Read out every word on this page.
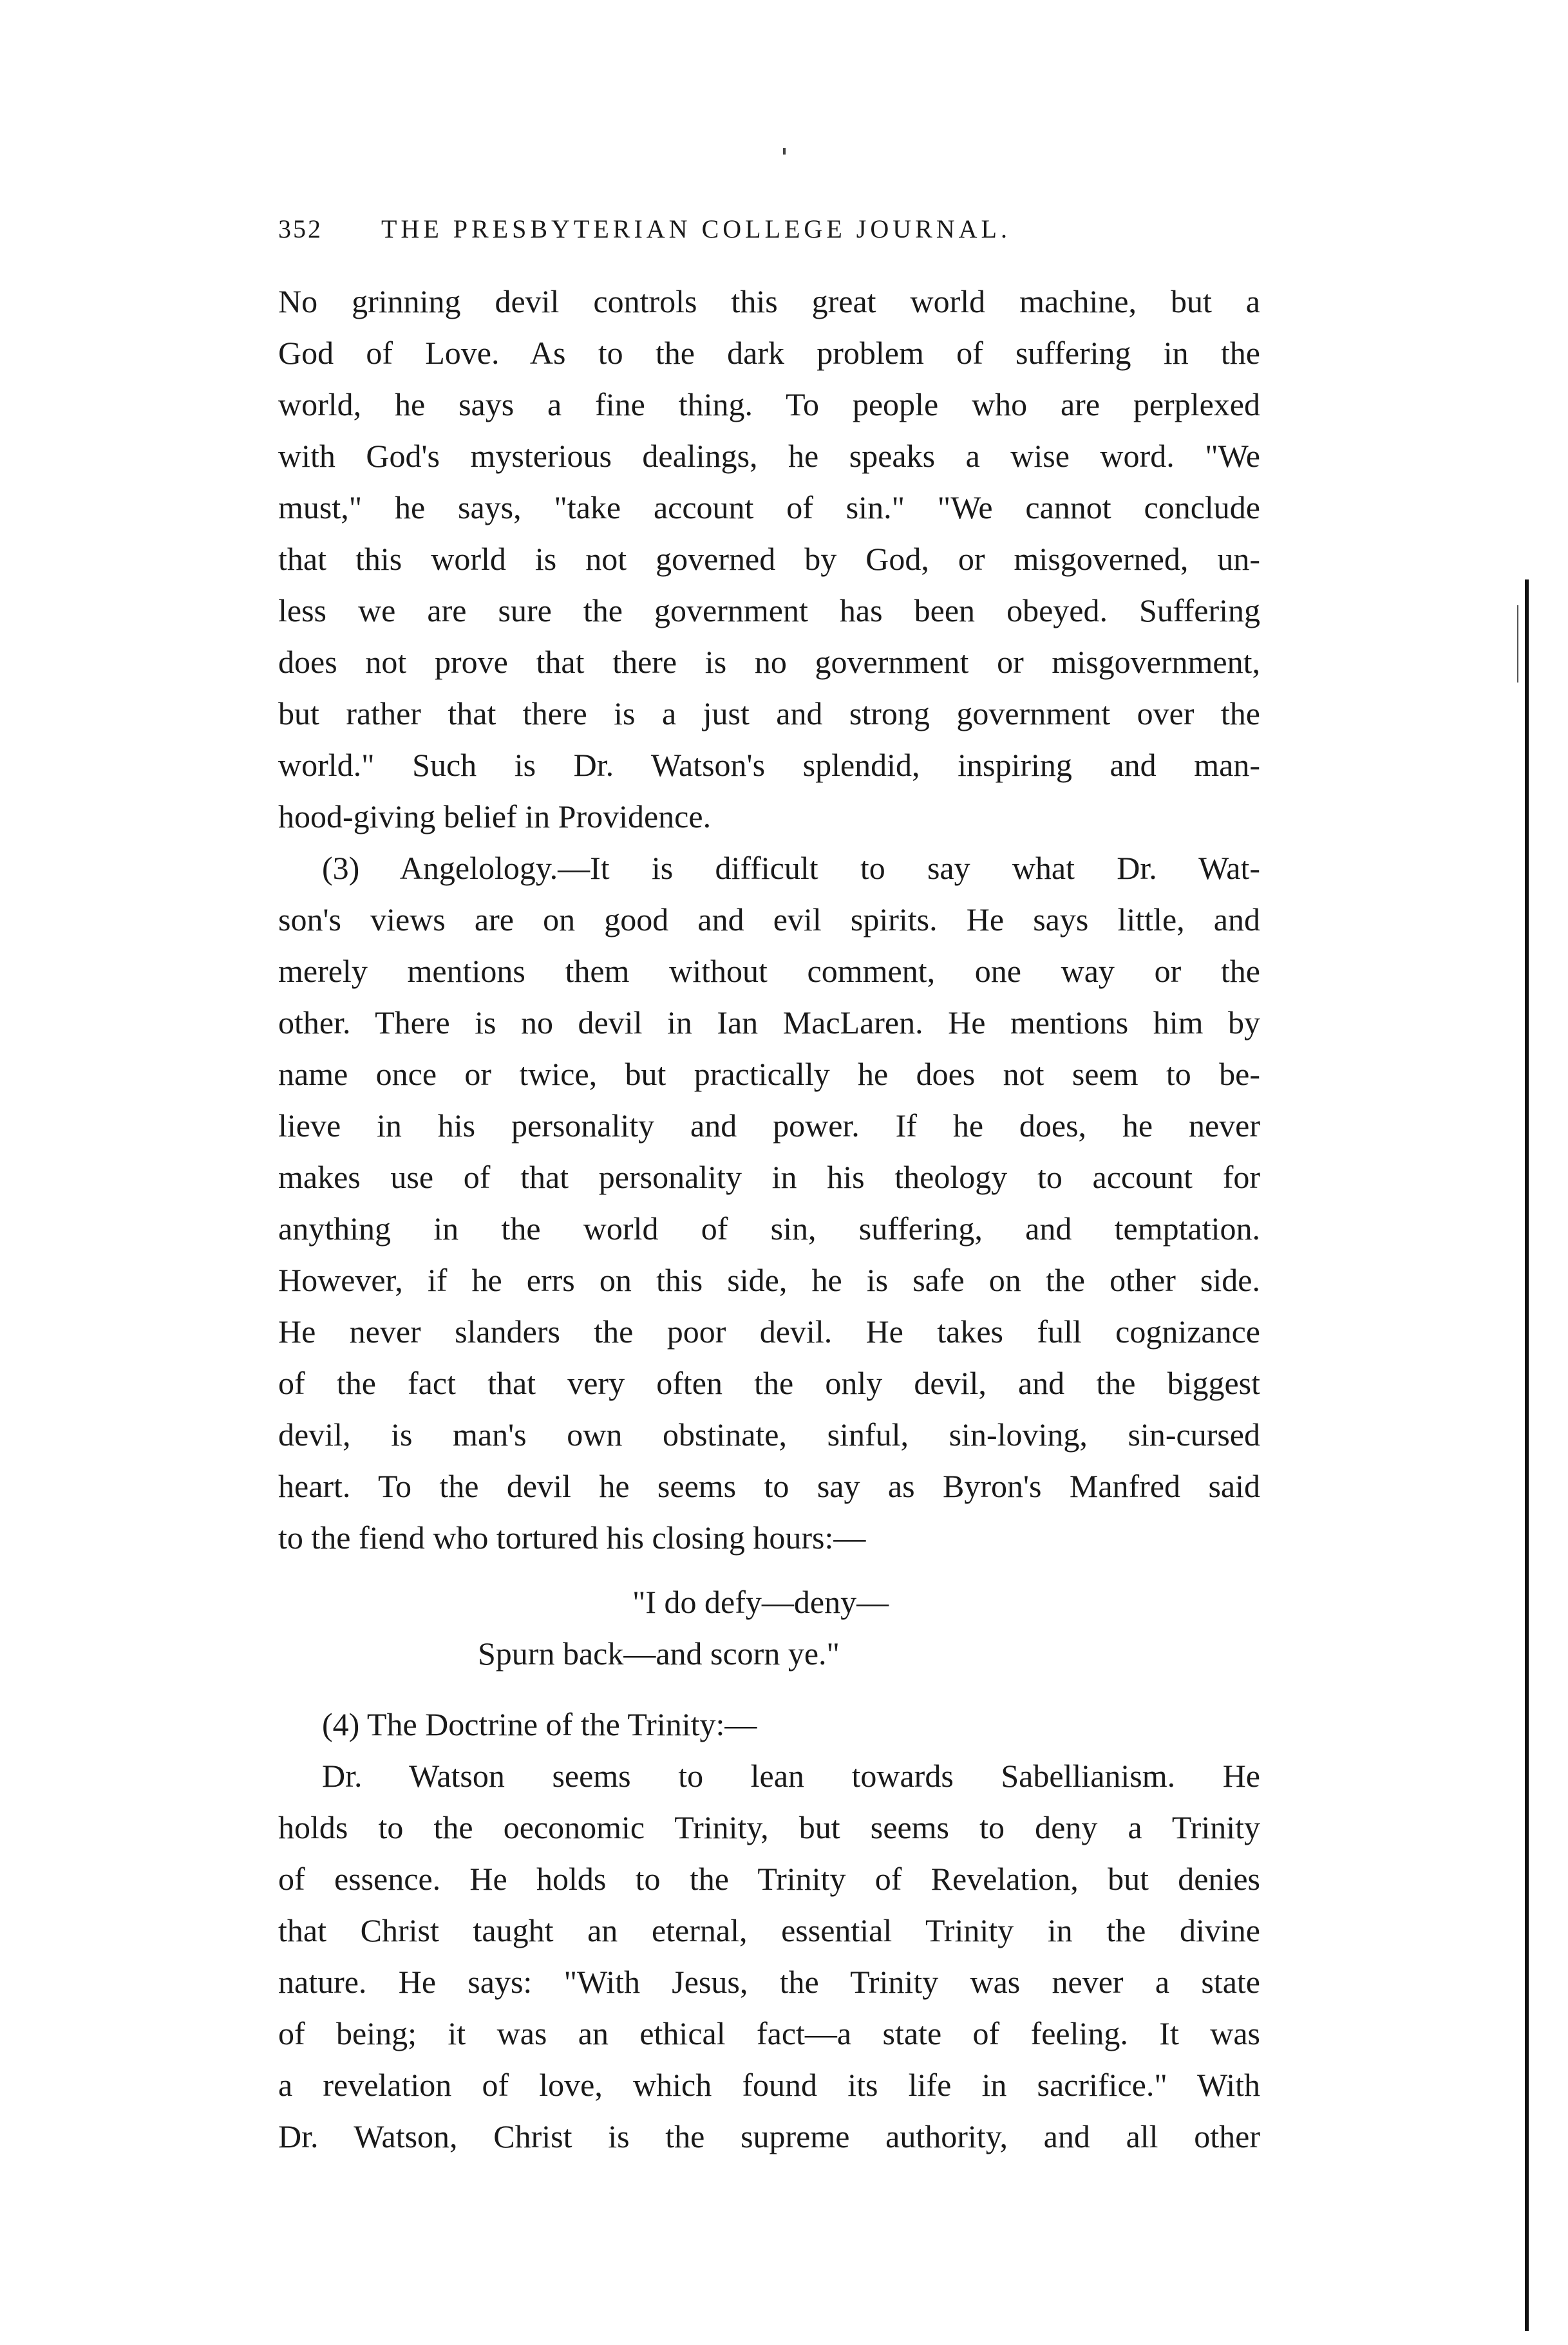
352 THE PRESBYTERIAN COLLEGE JOURNAL.
No grinning devil controls this great world machine, but a
God of Love. As to the dark problem of suffering in the
world, he says a fine thing. To people who are perplexed
with God's mysterious dealings, he speaks a wise word. "We
must," he says, "take account of sin." "We cannot conclude
that this world is not governed by God, or misgoverned, un-
less we are sure the government has been obeyed. Suffering
does not prove that there is no government or misgovernment,
but rather that there is a just and strong government over the
world." Such is Dr. Watson's splendid, inspiring and man-
hood-giving belief in Providence.
(3) Angelology.—It is difficult to say what Dr. Wat-
son's views are on good and evil spirits. He says little, and
merely mentions them without comment, one way or the
other. There is no devil in Ian MacLaren. He mentions him by
name once or twice, but practically he does not seem to be-
lieve in his personality and power. If he does, he never
makes use of that personality in his theology to account for
anything in the world of sin, suffering, and temptation.
However, if he errs on this side, he is safe on the other side.
He never slanders the poor devil. He takes full cognizance
of the fact that very often the only devil, and the biggest
devil, is man's own obstinate, sinful, sin-loving, sin-cursed
heart. To the devil he seems to say as Byron's Manfred said
to the fiend who tortured his closing hours:—
"I do defy—deny—
Spurn back—and scorn ye."
(4) The Doctrine of the Trinity:—
Dr. Watson seems to lean towards Sabellianism. He
holds to the oeconomic Trinity, but seems to deny a Trinity
of essence. He holds to the Trinity of Revelation, but denies
that Christ taught an eternal, essential Trinity in the divine
nature. He says: "With Jesus, the Trinity was never a state
of being; it was an ethical fact—a state of feeling. It was
a revelation of love, which found its life in sacrifice." With
Dr. Watson, Christ is the supreme authority, and all other
